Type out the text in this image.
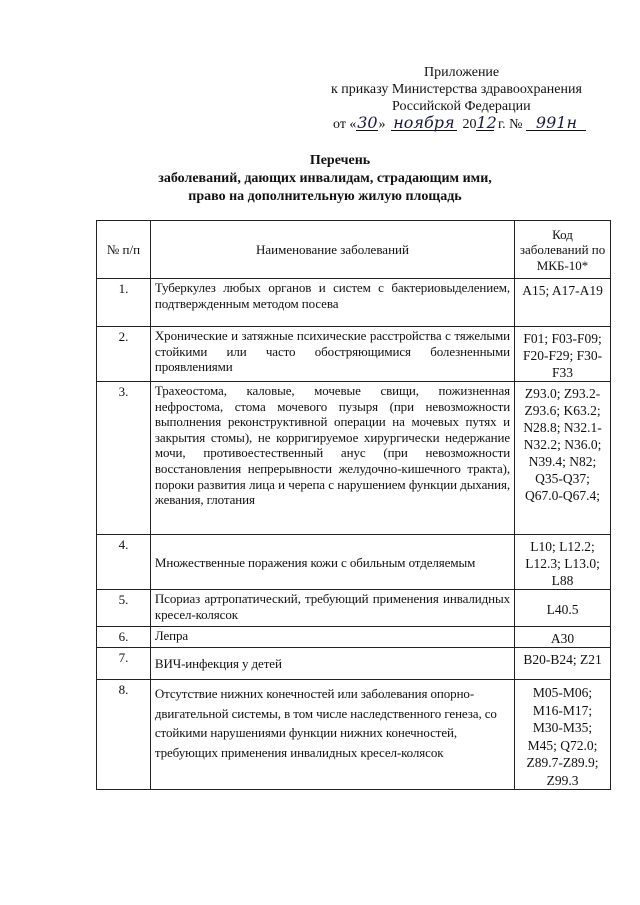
Приложение
к приказу Министерства здравоохранения
Российской Федерации
от «30» ноября 2012 г. № 991н
Перечень
заболеваний, дающих инвалидам, страдающим ими,
право на дополнительную жилую площадь
№ п/п	Наименование заболеваний	Код заболеваний по МКБ-10*
1.	Туберкулез любых органов и систем с бактериовыделением, подтвержденным методом посева	A15; A17-A19
2.	Хронические и затяжные психические расстройства с тяжелыми стойкими или часто обостряющимися болезненными проявлениями	F01; F03-F09; F20-F29; F30-F33
3.	Трахеостома, каловые, мочевые свищи, пожизненная нефростома, стома мочевого пузыря (при невозможности выполнения реконструктивной операции на мочевых путях и закрытия стомы), не корригируемое хирургически недержание мочи, противоестественный анус (при невозможности восстановления непрерывности желудочно-кишечного тракта), пороки развития лица и черепа с нарушением функции дыхания, жевания, глотания	Z93.0; Z93.2-Z93.6; K63.2; N28.8; N32.1-N32.2; N36.0; N39.4; N82; Q35-Q37; Q67.0-Q67.4;
4.	Множественные поражения кожи с обильным отделяемым	L10; L12.2; L12.3; L13.0; L88
5.	Псориаз артропатический, требующий применения инвалидных кресел-колясок	L40.5
6.	Лепра	A30
7.	ВИЧ-инфекция у детей	B20-B24; Z21
8.	Отсутствие нижних конечностей или заболевания опорно-двигательной системы, в том числе наследственного генеза, со стойкими нарушениями функции нижних конечностей, требующих применения инвалидных кресел-колясок	M05-M06; M16-M17; M30-M35; M45; Q72.0; Z89.7-Z89.9; Z99.3
